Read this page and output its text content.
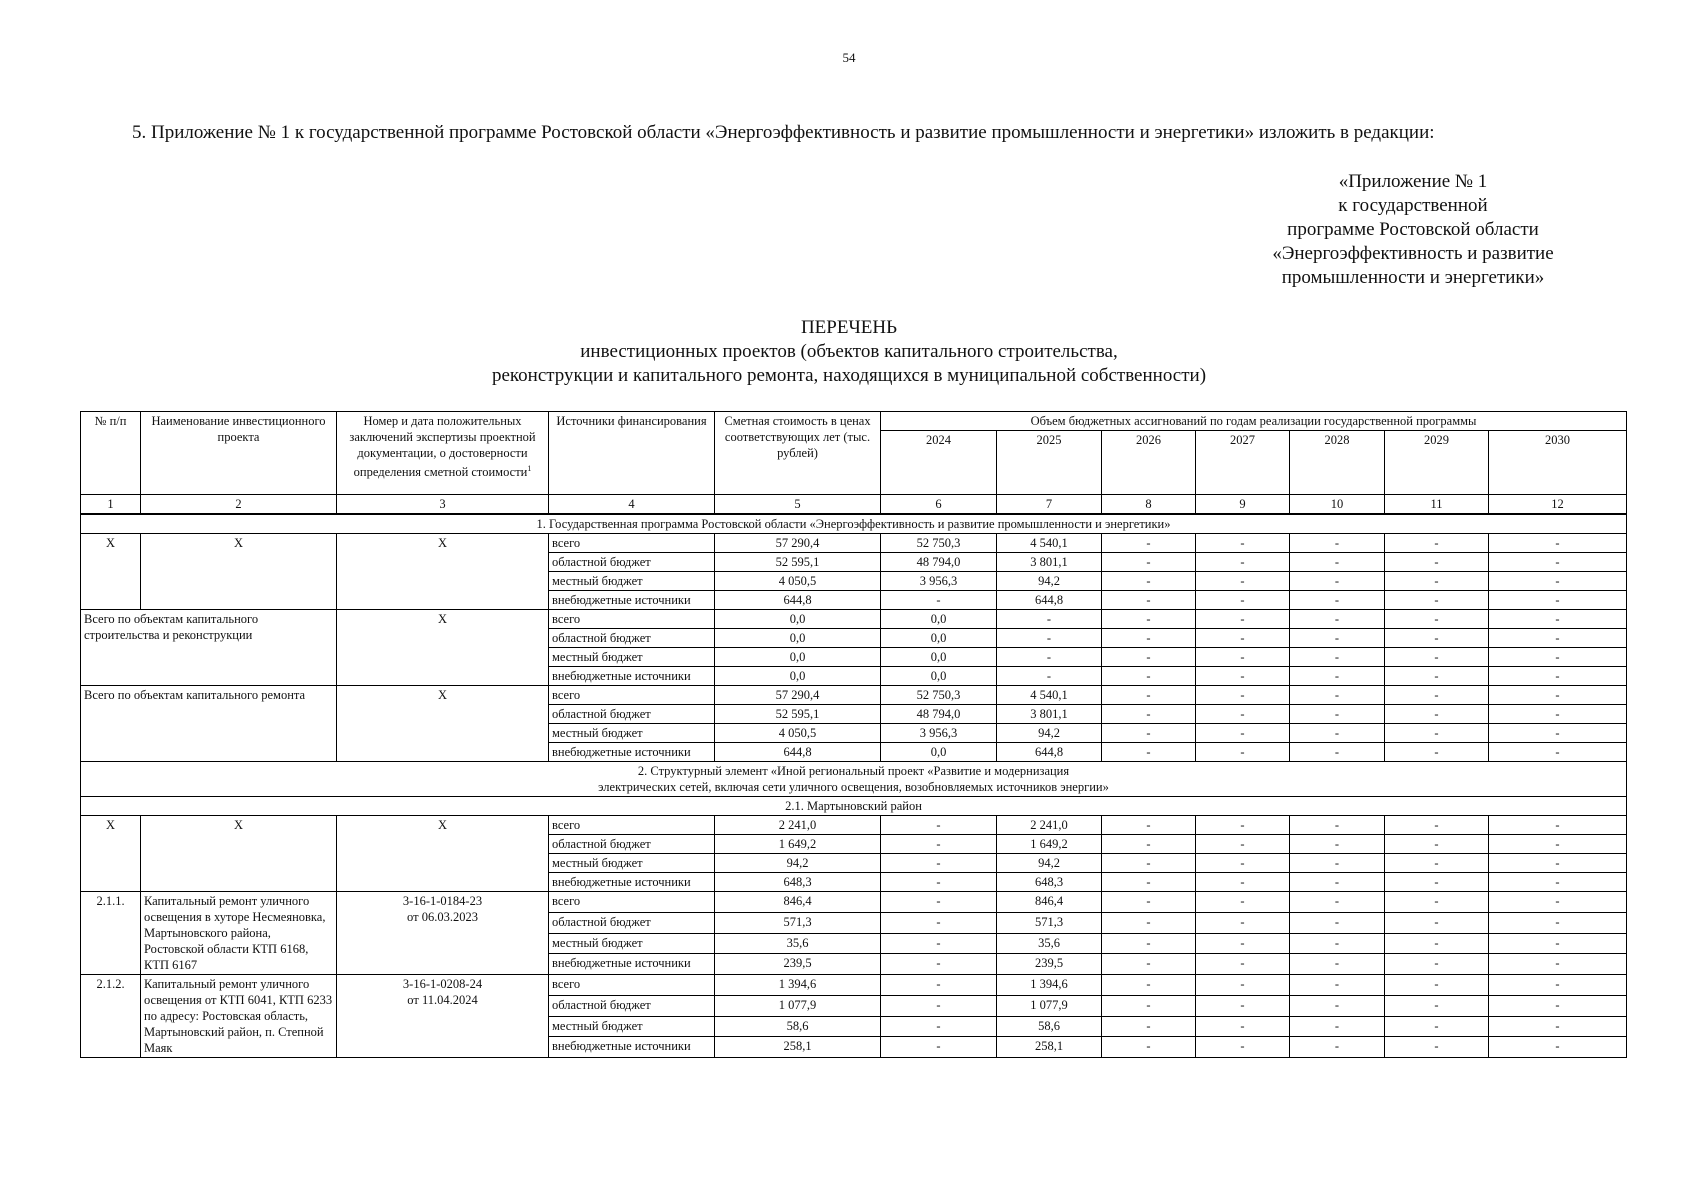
54
5. Приложение № 1 к государственной программе Ростовской области «Энергоэффективность и развитие промышленности и энергетики» изложить в редакции:
«Приложение № 1
к государственной
программе Ростовской области
«Энергоэффективность и развитие
промышленности и энергетики»
ПЕРЕЧЕНЬ
инвестиционных проектов (объектов капитального строительства,
реконструкции и капитального ремонта, находящихся в муниципальной собственности)
№ п/п	Наименование инвестиционного проекта	Номер и дата положительных заключений экспертизы проектной документации, о достоверности определения сметной стоимости$^1$	Источники финансирования	Сметная стоимость в ценах соответствующих лет (тыс. рублей)	Объем бюджетных ассигнований по годам реализации государственной программы						
					2024	2025	2026	2027	2028	2029	2030
1	2	3	4	5	6	7	8	9	10	11	12
1. Государственная программа Ростовской области «Энергоэффективность и развитие промышленности и энергетики»											
X	X	X	всего	57 290,4	52 750,3	4 540,1	-	-	-	-	-
			областной бюджет	52 595,1	48 794,0	3 801,1	-	-	-	-	-
			местный бюджет	4 050,5	3 956,3	94,2	-	-	-	-	-
			внебюджетные источники	644,8	-	644,8	-	-	-	-	-
Всего по объектам капитального строительства и реконструкции		X	всего	0,0	0,0	-	-	-	-	-	-
			областной бюджет	0,0	0,0	-	-	-	-	-	-
			местный бюджет	0,0	0,0	-	-	-	-	-	-
			внебюджетные источники	0,0	0,0	-	-	-	-	-	-
Всего по объектам капитального ремонта		X	всего	57 290,4	52 750,3	4 540,1	-	-	-	-	-
			областной бюджет	52 595,1	48 794,0	3 801,1	-	-	-	-	-
			местный бюджет	4 050,5	3 956,3	94,2	-	-	-	-	-
			внебюджетные источники	644,8	0,0	644,8	-	-	-	-	-
2. Структурный элемент «Иной региональный проект «Развитие и модернизация
электрических сетей, включая сети уличного освещения, возобновляемых источников энергии»											
2.1. Мартыновский район											
X	X	X	всего	2 241,0	-	2 241,0	-	-	-	-	-
			областной бюджет	1 649,2	-	1 649,2	-	-	-	-	-
			местный бюджет	94,2	-	94,2	-	-	-	-	-
			внебюджетные источники	648,3	-	648,3	-	-	-	-	-
2.1.1.	Капитальный ремонт уличного освещения в хуторе Несмеяновка, Мартыновского района, Ростовской области КТП 6168, КТП 6167	3-16-1-0184-23
от 06.03.2023	всего	846,4	-	846,4	-	-	-	-	-
			областной бюджет	571,3	-	571,3	-	-	-	-	-
			местный бюджет	35,6	-	35,6	-	-	-	-	-
			внебюджетные источники	239,5	-	239,5	-	-	-	-	-
2.1.2.	Капитальный ремонт уличного освещения от КТП 6041, КТП 6233 по адресу: Ростовская область, Мартыновский район, п. Степной Маяк	3-16-1-0208-24
от 11.04.2024	всего	1 394,6	-	1 394,6	-	-	-	-	-
			областной бюджет	1 077,9	-	1 077,9	-	-	-	-	-
			местный бюджет	58,6	-	58,6	-	-	-	-	-
			внебюджетные источники	258,1	-	258,1	-	-	-	-	-
